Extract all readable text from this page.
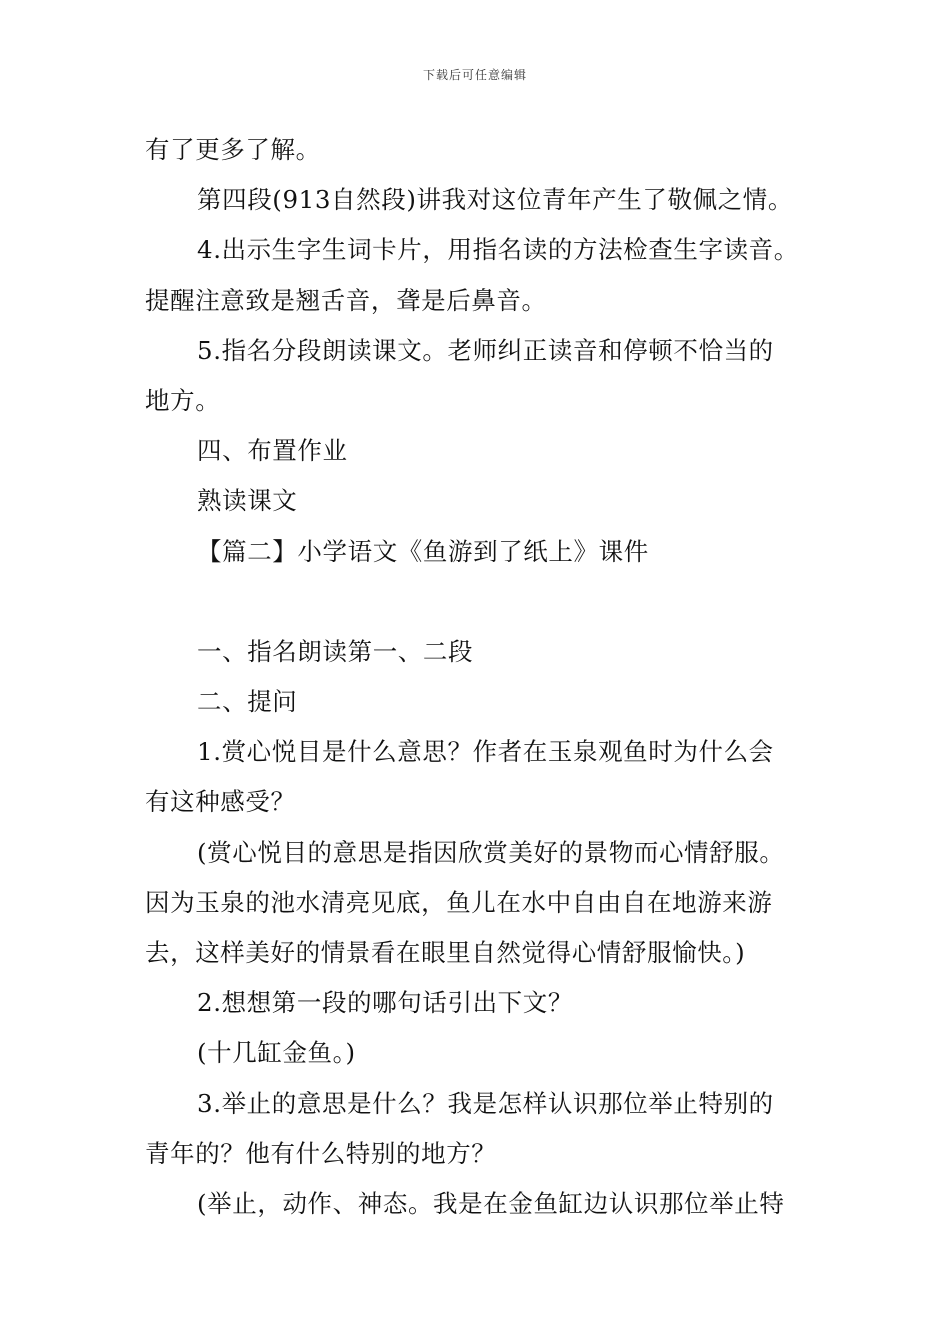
下载后可任意编辑
有了更多了解。
第四段(913自然段)讲我对这位青年产生了敬佩之情。
4.出示生字生词卡片，用指名读的方法检查生字读音。
提醒注意致是翘舌音，聋是后鼻音。
5.指名分段朗读课文。老师纠正读音和停顿不恰当的
地方。
四、布置作业
熟读课文
【篇二】小学语文《鱼游到了纸上》课件
一、指名朗读第一、二段
二、提问
1.赏心悦目是什么意思？作者在玉泉观鱼时为什么会
有这种感受？
(赏心悦目的意思是指因欣赏美好的景物而心情舒服。
因为玉泉的池水清亮见底，鱼儿在水中自由自在地游来游
去，这样美好的情景看在眼里自然觉得心情舒服愉快。)
2.想想第一段的哪句话引出下文？
(十几缸金鱼。)
3.举止的意思是什么？我是怎样认识那位举止特别的
青年的？他有什么特别的地方？
(举止，动作、神态。我是在金鱼缸边认识那位举止特
